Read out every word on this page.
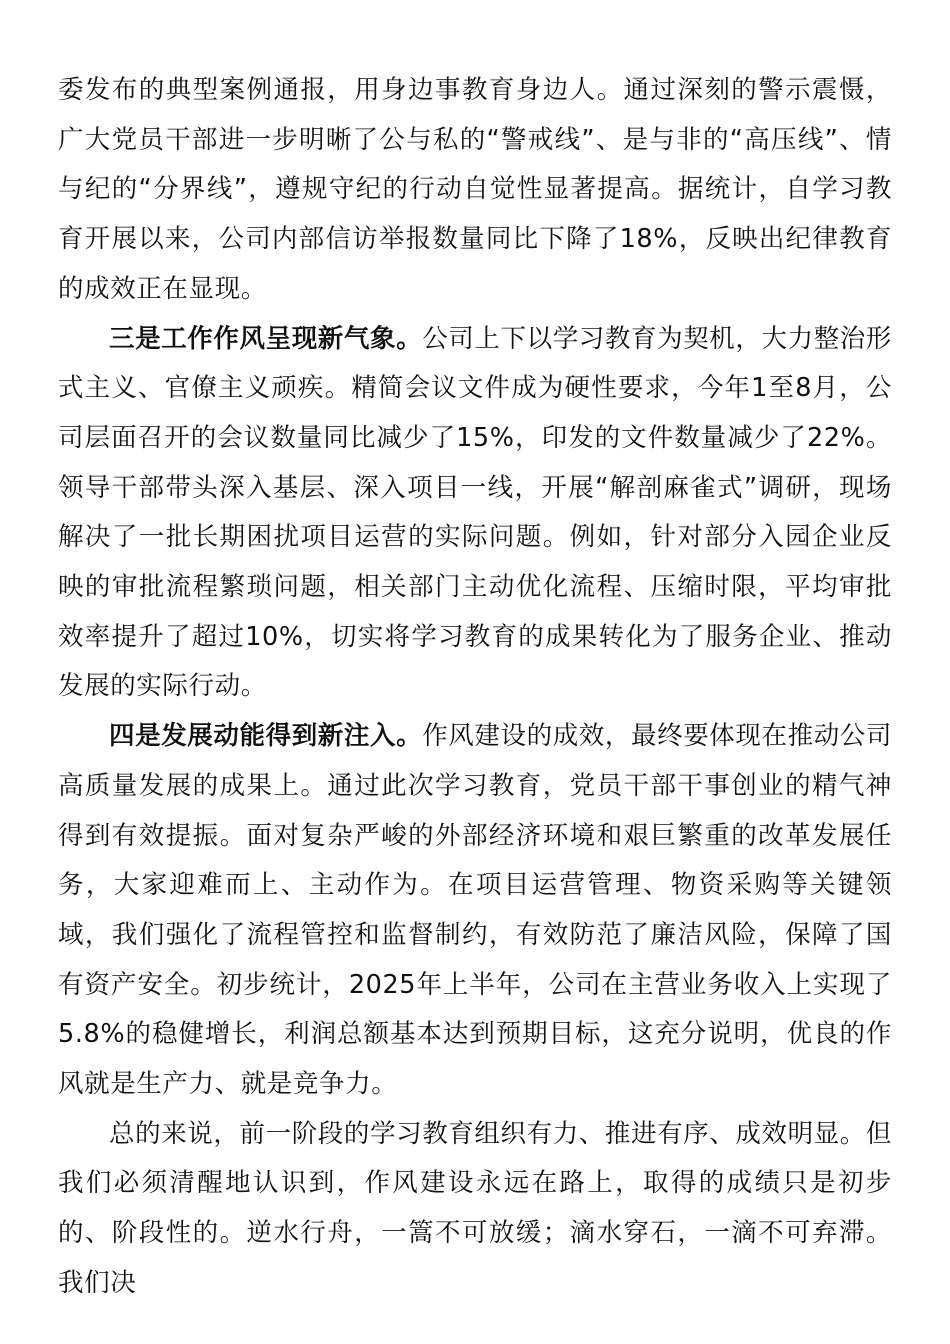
委发布的典型案例通报，用身边事教育身边人。通过深刻的警示震慑，广大党员干部进一步明晰了公与私的“警戒线”、是与非的“高压线”、情与纪的“分界线”，遵规守纪的行动自觉性显著提高。据统计，自学习教育开展以来，公司内部信访举报数量同比下降了18%，反映出纪律教育的成效正在显现。

三是工作作风呈现新气象。公司上下以学习教育为契机，大力整治形式主义、官僚主义顽疾。精简会议文件成为硬性要求，今年1至8月，公司层面召开的会议数量同比减少了15%，印发的文件数量减少了22%。领导干部带头深入基层、深入项目一线，开展“解剖麻雀式”调研，现场解决了一批长期困扰项目运营的实际问题。例如，针对部分入园企业反映的审批流程繁琐问题，相关部门主动优化流程、压缩时限，平均审批效率提升了超过10%，切实将学习教育的成果转化为了服务企业、推动发展的实际行动。

四是发展动能得到新注入。作风建设的成效，最终要体现在推动公司高质量发展的成果上。通过此次学习教育，党员干部干事创业的精气神得到有效提振。面对复杂严峻的外部经济环境和艰巨繁重的改革发展任务，大家迎难而上、主动作为。在项目运营管理、物资采购等关键领域，我们强化了流程管控和监督制约，有效防范了廉洁风险，保障了国有资产安全。初步统计，2025年上半年，公司在主营业务收入上实现了5.8%的稳健增长，利润总额基本达到预期目标，这充分说明，优良的作风就是生产力、就是竞争力。

总的来说，前一阶段的学习教育组织有力、推进有序、成效明显。但我们必须清醒地认识到，作风建设永远在路上，取得的成绩只是初步的、阶段性的。逆水行舟，一篙不可放缓；滴水穿石，一滴不可弃滞。我们决
